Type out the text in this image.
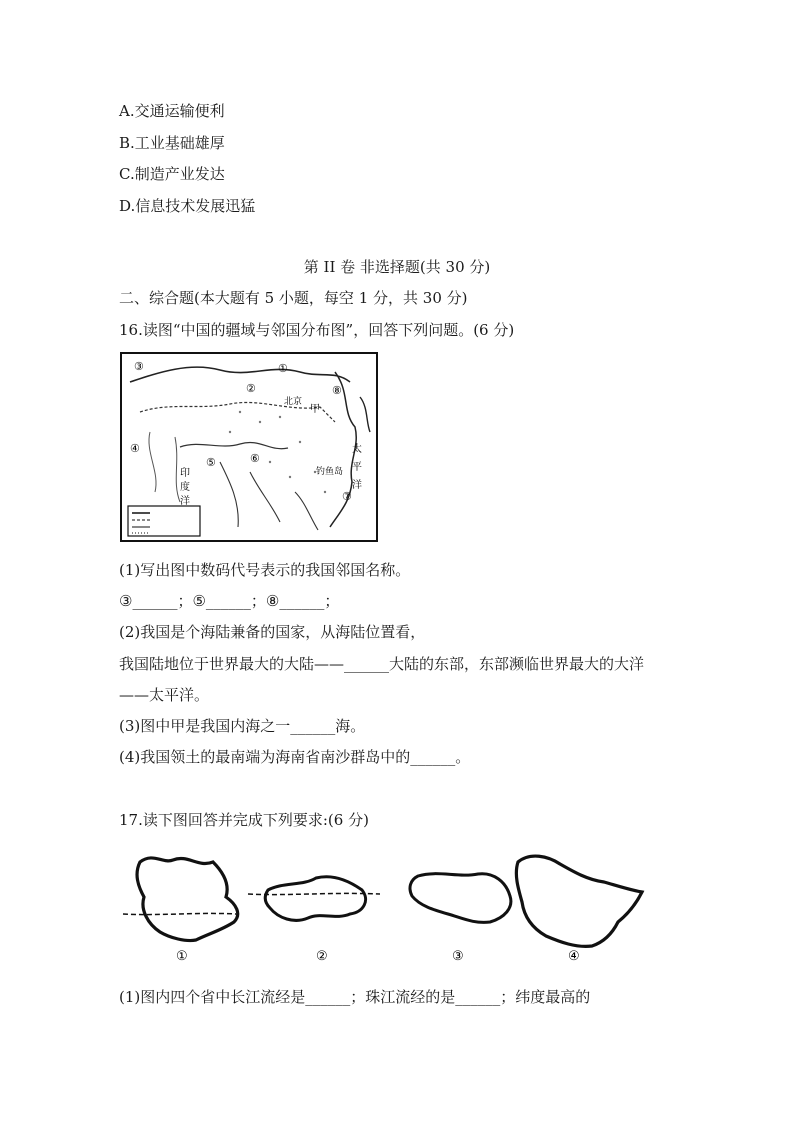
A.交通运输便利
B.工业基础雄厚
C.制造产业发达
D.信息技术发展迅猛
第 II 卷 非选择题(共 30 分)
二、综合题(本大题有 5 小题，每空 1 分，共 30 分)
16.读图“中国的疆域与邻国分布图”，回答下列问题。(6 分)
③	①
②
北京
甲
⑧
④
⑤	⑥
钓鱼岛
太
平
洋
⑦
印
度
洋
(1)写出图中数码代号表示的我国邻国名称。
③______；⑤______；⑧______；
(2)我国是个海陆兼备的国家，从海陆位置看，
我国陆地位于世界最大的大陆——______大陆的东部，东部濒临世界最大的大洋
——太平洋。
(3)图中甲是我国内海之一______海。
(4)我国领土的最南端为海南省南沙群岛中的______。
17.读下图回答并完成下列要求:(6 分)
①	②	③	④
(1)图内四个省中长江流经是______；珠江流经的是______；纬度最高的
